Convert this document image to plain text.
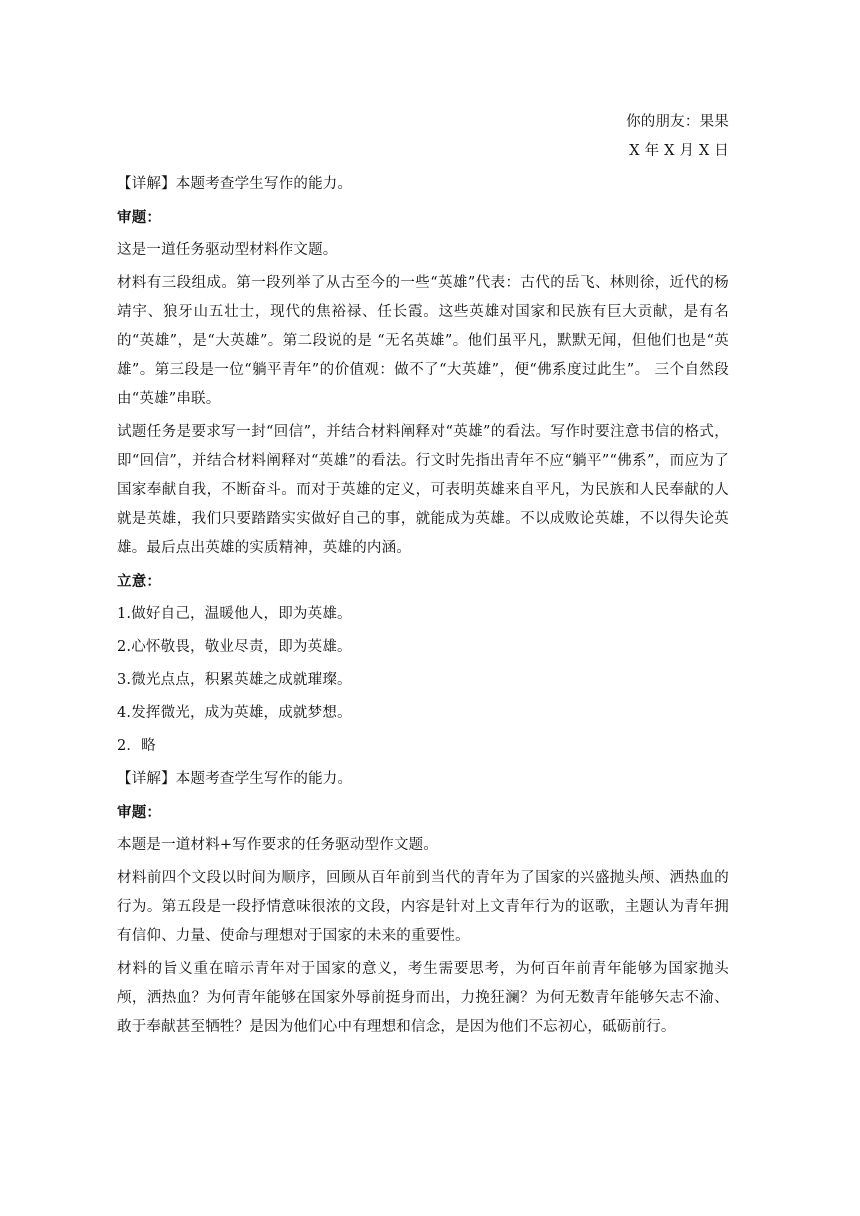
你的朋友：果果

X 年 X 月 X 日

【详解】本题考查学生写作的能力。

审题：

这是一道任务驱动型材料作文题。

材料有三段组成。第一段列举了从古至今的一些“英雄”代表：古代的岳飞、林则徐，近代的杨靖宇、狼牙山五壮士，现代的焦裕禄、任长霞。这些英雄对国家和民族有巨大贡献，是有名的“英雄”，是“大英雄”。第二段说的是 “无名英雄”。他们虽平凡，默默无闻，但他们也是“英雄”。第三段是一位“躺平青年”的价值观：做不了“大英雄”，便“佛系度过此生”。 三个自然段由“英雄”串联。

试题任务是要求写一封“回信”，并结合材料阐释对“英雄”的看法。写作时要注意书信的格式，即“回信”，并结合材料阐释对“英雄”的看法。行文时先指出青年不应“躺平”“佛系”，而应为了国家奉献自我，不断奋斗。而对于英雄的定义，可表明英雄来自平凡，为民族和人民奉献的人就是英雄，我们只要踏踏实实做好自己的事，就能成为英雄。不以成败论英雄，不以得失论英雄。最后点出英雄的实质精神，英雄的内涵。

立意：

1.做好自己，温暖他人，即为英雄。

2.心怀敬畏，敬业尽责，即为英雄。

3.微光点点，积累英雄之成就璀璨。

4.发挥微光，成为英雄，成就梦想。

2．略

【详解】本题考查学生写作的能力。

审题：

本题是一道材料+写作要求的任务驱动型作文题。

材料前四个文段以时间为顺序，回顾从百年前到当代的青年为了国家的兴盛抛头颅、洒热血的行为。第五段是一段抒情意味很浓的文段，内容是针对上文青年行为的讴歌，主题认为青年拥有信仰、力量、使命与理想对于国家的未来的重要性。

材料的旨义重在暗示青年对于国家的意义，考生需要思考，为何百年前青年能够为国家抛头颅，洒热血？为何青年能够在国家外辱前挺身而出，力挽狂澜？为何无数青年能够矢志不渝、敢于奉献甚至牺牲？是因为他们心中有理想和信念，是因为他们不忘初心，砥砺前行。
